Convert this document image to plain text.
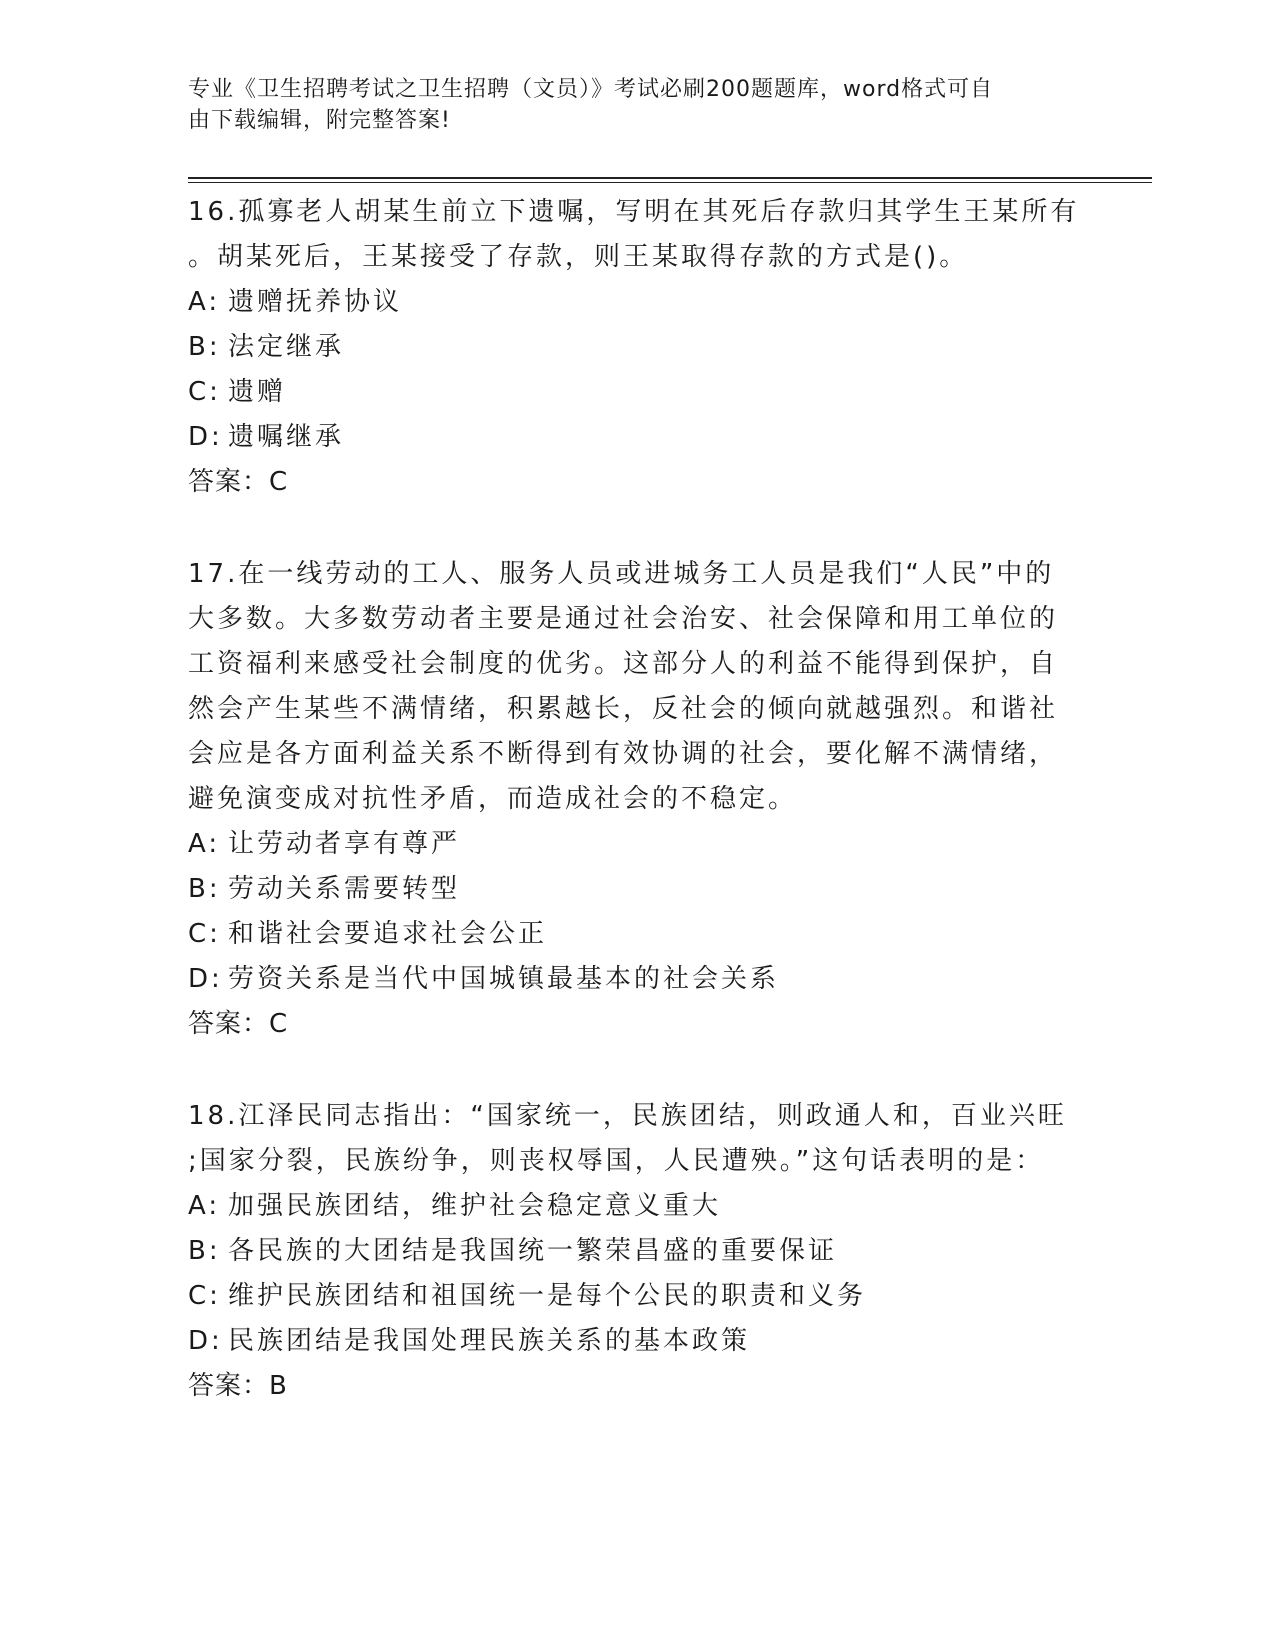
专业《卫生招聘考试之卫生招聘（文员）》考试必刷200题题库，word格式可自
由下载编辑，附完整答案!

16.孤寡老人胡某生前立下遗嘱，写明在其死后存款归其学生王某所有
。胡某死后，王某接受了存款，则王某取得存款的方式是()。

A: 遗赠抚养协议
B: 法定继承
C: 遗赠
D: 遗嘱继承

答案：C

17.在一线劳动的工人、服务人员或进城务工人员是我们“人民”中的
大多数。大多数劳动者主要是通过社会治安、社会保障和用工单位的
工资福利来感受社会制度的优劣。这部分人的利益不能得到保护，自
然会产生某些不满情绪，积累越长，反社会的倾向就越强烈。和谐社
会应是各方面利益关系不断得到有效协调的社会，要化解不满情绪，
避免演变成对抗性矛盾，而造成社会的不稳定。

A: 让劳动者享有尊严
B: 劳动关系需要转型
C: 和谐社会要追求社会公正
D: 劳资关系是当代中国城镇最基本的社会关系

答案：C

18.江泽民同志指出：“国家统一，民族团结，则政通人和，百业兴旺
;国家分裂，民族纷争，则丧权辱国，人民遭殃。”这句话表明的是：

A: 加强民族团结，维护社会稳定意义重大
B: 各民族的大团结是我国统一繁荣昌盛的重要保证
C: 维护民族团结和祖国统一是每个公民的职责和义务
D: 民族团结是我国处理民族关系的基本政策

答案：B
